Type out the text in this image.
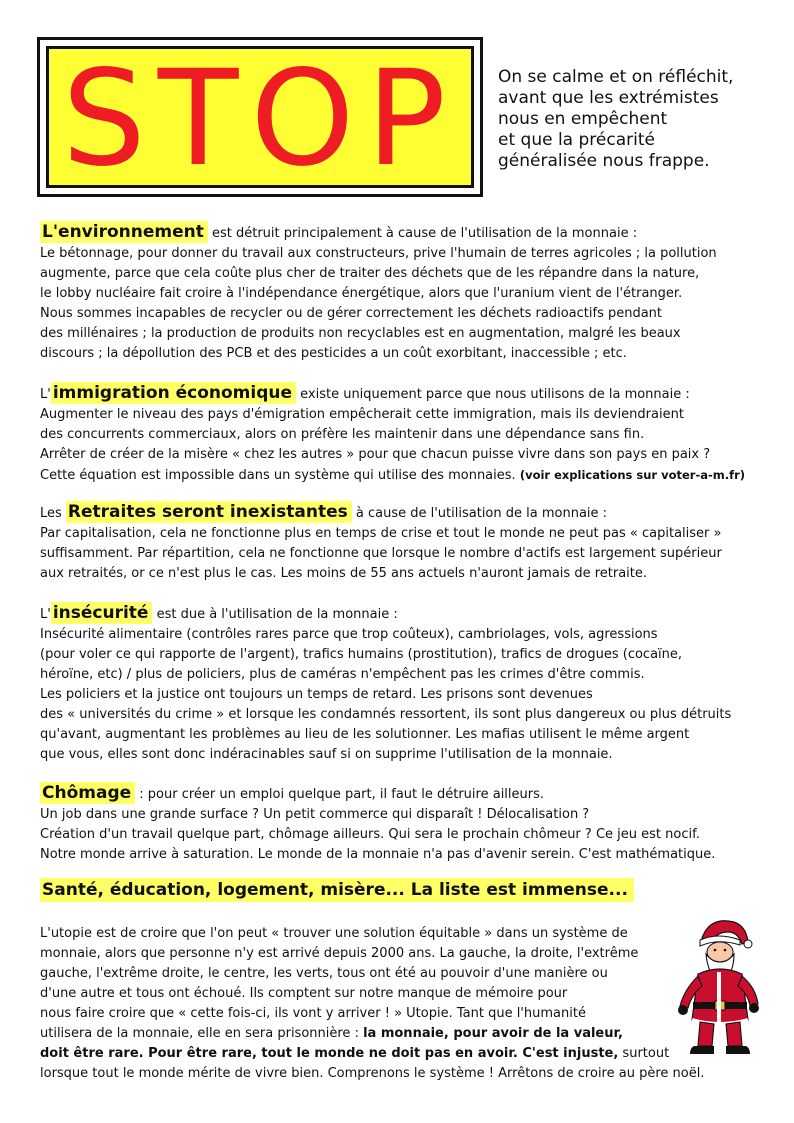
STOP On se calme et on réfléchit,
avant que les extrémistes
nous en empêchent
et que la précarité
généralisée nous frappe.
L'environnement est détruit principalement à cause de l'utilisation de la monnaie :
Le bétonnage, pour donner du travail aux constructeurs, prive l'humain de terres agricoles ; la pollution
augmente, parce que cela coûte plus cher de traiter des déchets que de les répandre dans la nature,
le lobby nucléaire fait croire à l'indépendance énergétique, alors que l'uranium vient de l'étranger.
Nous sommes incapables de recycler ou de gérer correctement les déchets radioactifs pendant
des millénaires ; la production de produits non recyclables est en augmentation, malgré les beaux
discours ; la dépollution des PCB et des pesticides a un coût exorbitant, inaccessible ; etc.
L' immigration économique existe uniquement parce que nous utilisons de la monnaie :
Augmenter le niveau des pays d'émigration empêcherait cette immigration, mais ils deviendraient
des concurrents commerciaux, alors on préfère les maintenir dans une dépendance sans fin.
Arrêter de créer de la misère « chez les autres » pour que chacun puisse vivre dans son pays en paix ?
Cette équation est impossible dans un système qui utilise des monnaies. (voir explications sur voter-a-m.fr)
Les Retraites seront inexistantes à cause de l'utilisation de la monnaie :
Par capitalisation, cela ne fonctionne plus en temps de crise et tout le monde ne peut pas « capitaliser »
suffisamment. Par répartition, cela ne fonctionne que lorsque le nombre d'actifs est largement supérieur
aux retraités, or ce n'est plus le cas. Les moins de 55 ans actuels n'auront jamais de retraite.
L' insécurité est due à l'utilisation de la monnaie :
Insécurité alimentaire (contrôles rares parce que trop coûteux), cambriolages, vols, agressions
(pour voler ce qui rapporte de l'argent), trafics humains (prostitution), trafics de drogues (cocaïne,
héroïne, etc) / plus de policiers, plus de caméras n'empêchent pas les crimes d'être commis.
Les policiers et la justice ont toujours un temps de retard. Les prisons sont devenues
des « universités du crime » et lorsque les condamnés ressortent, ils sont plus dangereux ou plus détruits
qu'avant, augmentant les problèmes au lieu de les solutionner. Les mafias utilisent le même argent
que vous, elles sont donc indéracinables sauf si on supprime l'utilisation de la monnaie.
Chômage : pour créer un emploi quelque part, il faut le détruire ailleurs.
Un job dans une grande surface ? Un petit commerce qui disparaît ! Délocalisation ?
Création d'un travail quelque part, chômage ailleurs. Qui sera le prochain chômeur ? Ce jeu est nocif.
Notre monde arrive à saturation. Le monde de la monnaie n'a pas d'avenir serein. C'est mathématique.
Santé, éducation, logement, misère... La liste est immense...
L'utopie est de croire que l'on peut « trouver une solution équitable » dans un système de
monnaie, alors que personne n'y est arrivé depuis 2000 ans. La gauche, la droite, l'extrême
gauche, l'extrême droite, le centre, les verts, tous ont été au pouvoir d'une manière ou
d'une autre et tous ont échoué. Ils comptent sur notre manque de mémoire pour
nous faire croire que « cette fois-ci, ils vont y arriver ! » Utopie. Tant que l'humanité
utilisera de la monnaie, elle en sera prisonnière : la monnaie, pour avoir de la valeur,
doit être rare. Pour être rare, tout le monde ne doit pas en avoir. C'est injuste, surtout
lorsque tout le monde mérite de vivre bien. Comprenons le système ! Arrêtons de croire au père noël.
